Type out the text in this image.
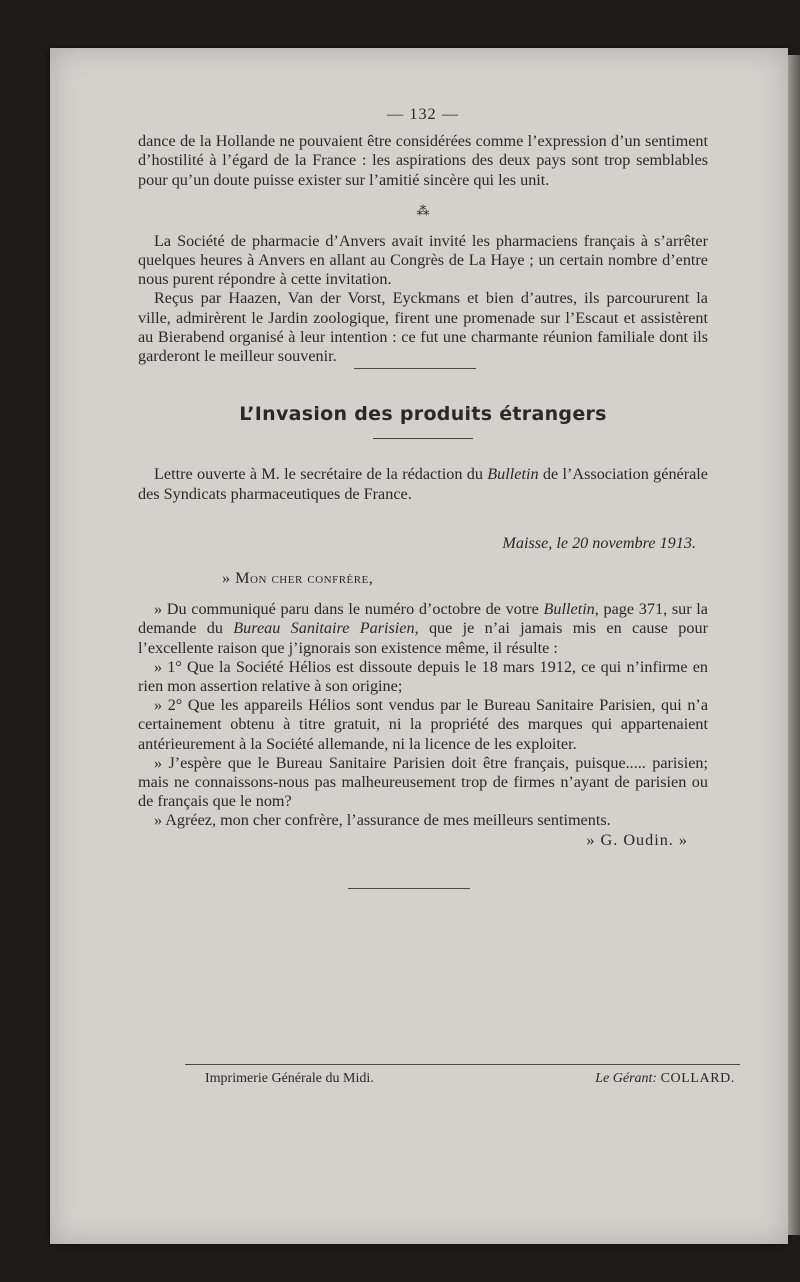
— 132 —

dance de la Hollande ne pouvaient être considérées comme l’expression d’un sentiment d’hostilité à l’égard de la France : les aspirations des deux pays sont trop semblables pour qu’un doute puisse exister sur l’amitié sincère qui les unit.

⁂

La Société de pharmacie d’Anvers avait invité les pharmaciens français à s’arrêter quelques heures à Anvers en allant au Congrès de La Haye ; un certain nombre d’entre nous purent répondre à cette invitation.

Reçus par Haazen, Van der Vorst, Eyckmans et bien d’autres, ils parcoururent la ville, admirèrent le Jardin zoologique, firent une promenade sur l’Escaut et assistèrent au Bierabend organisé à leur intention : ce fut une charmante réunion familiale dont ils garderont le meilleur souvenir.

L’Invasion des produits étrangers

Lettre ouverte à M. le secrétaire de la rédaction du Bulletin de l’Association générale des Syndicats pharmaceutiques de France.

Maisse, le 20 novembre 1913.
» Mon cher confrère,

» Du communiqué paru dans le numéro d’octobre de votre Bulletin, page 371, sur la demande du Bureau Sanitaire Parisien, que je n’ai jamais mis en cause pour l’excellente raison que j’ignorais son existence même, il résulte :

» 1° Que la Société Hélios est dissoute depuis le 18 mars 1912, ce qui n’infirme en rien mon assertion relative à son origine;

» 2° Que les appareils Hélios sont vendus par le Bureau Sanitaire Parisien, qui n’a certainement obtenu à titre gratuit, ni la propriété des marques qui appartenaient antérieurement à la Société allemande, ni la licence de les exploiter.

» J’espère que le Bureau Sanitaire Parisien doit être français, puisque..... parisien; mais ne connaissons-nous pas malheureusement trop de firmes n’ayant de parisien ou de français que le nom?

» Agréez, mon cher confrère, l’assurance de mes meilleurs sentiments.

» G. Oudin. »
Imprimerie Générale du Midi.	Le Gérant: COLLARD.
